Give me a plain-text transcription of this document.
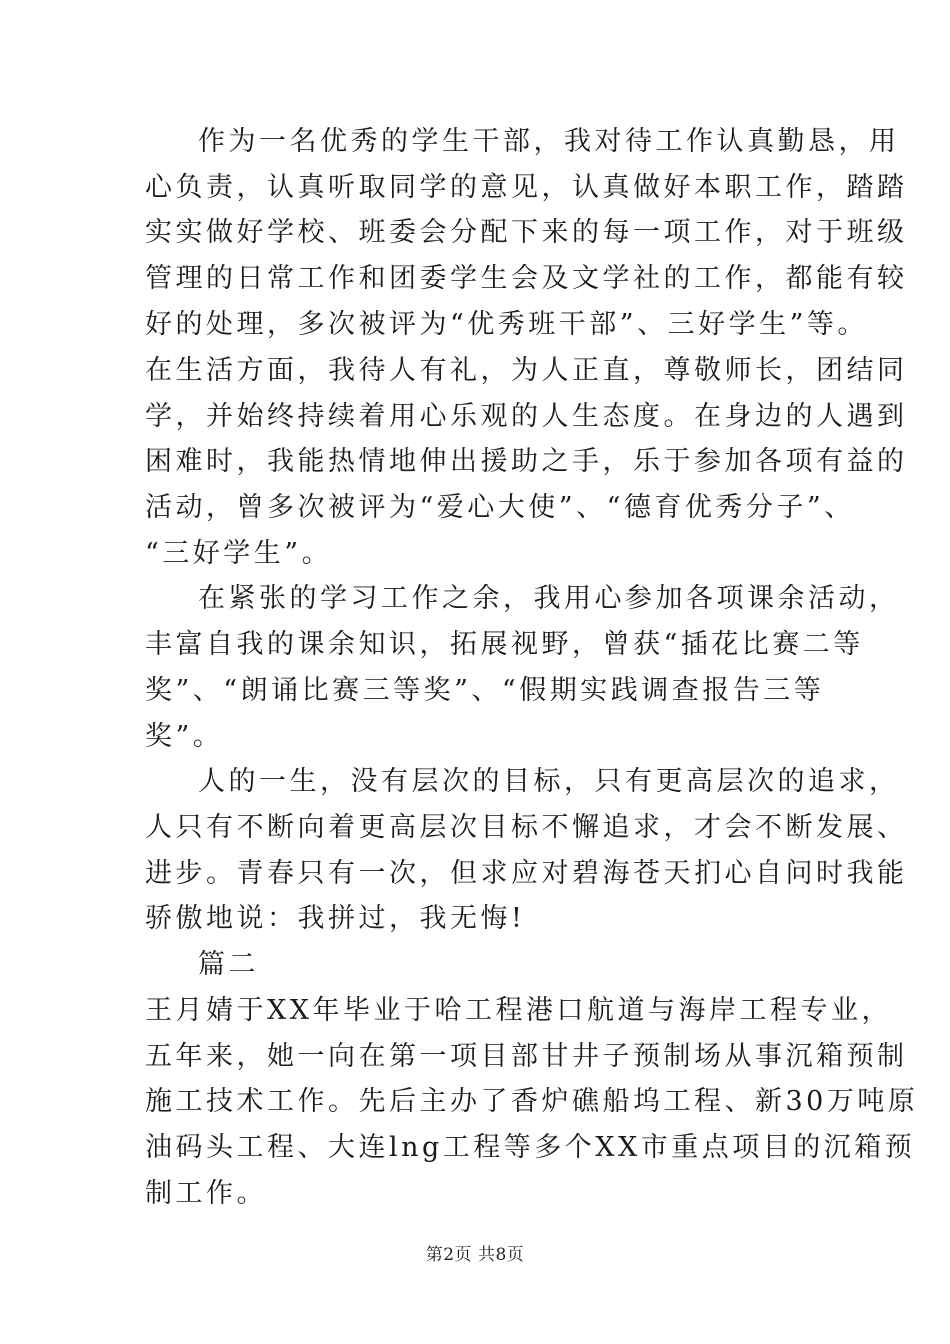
作为一名优秀的学生干部，我对待工作认真勤恳，用
心负责，认真听取同学的意见，认真做好本职工作，踏踏
实实做好学校、班委会分配下来的每一项工作，对于班级
管理的日常工作和团委学生会及文学社的工作，都能有较
好的处理，多次被评为“优秀班干部”、三好学生”等。
在生活方面，我待人有礼，为人正直，尊敬师长，团结同
学，并始终持续着用心乐观的人生态度。在身边的人遇到
困难时，我能热情地伸出援助之手，乐于参加各项有益的
活动，曾多次被评为“爱心大使”、“德育优秀分子”、
“三好学生”。
在紧张的学习工作之余，我用心参加各项课余活动，
丰富自我的课余知识，拓展视野，曾获“插花比赛二等
奖”、“朗诵比赛三等奖”、“假期实践调查报告三等
奖”。
人的一生，没有层次的目标，只有更高层次的追求，
人只有不断向着更高层次目标不懈追求，才会不断发展、
进步。青春只有一次，但求应对碧海苍天扪心自问时我能
骄傲地说：我拼过，我无悔!
篇二
王月婧于XX年毕业于哈工程港口航道与海岸工程专业，
五年来，她一向在第一项目部甘井子预制场从事沉箱预制
施工技术工作。先后主办了香炉礁船坞工程、新30万吨原
油码头工程、大连lng工程等多个XX市重点项目的沉箱预
制工作。
第2页 共8页
